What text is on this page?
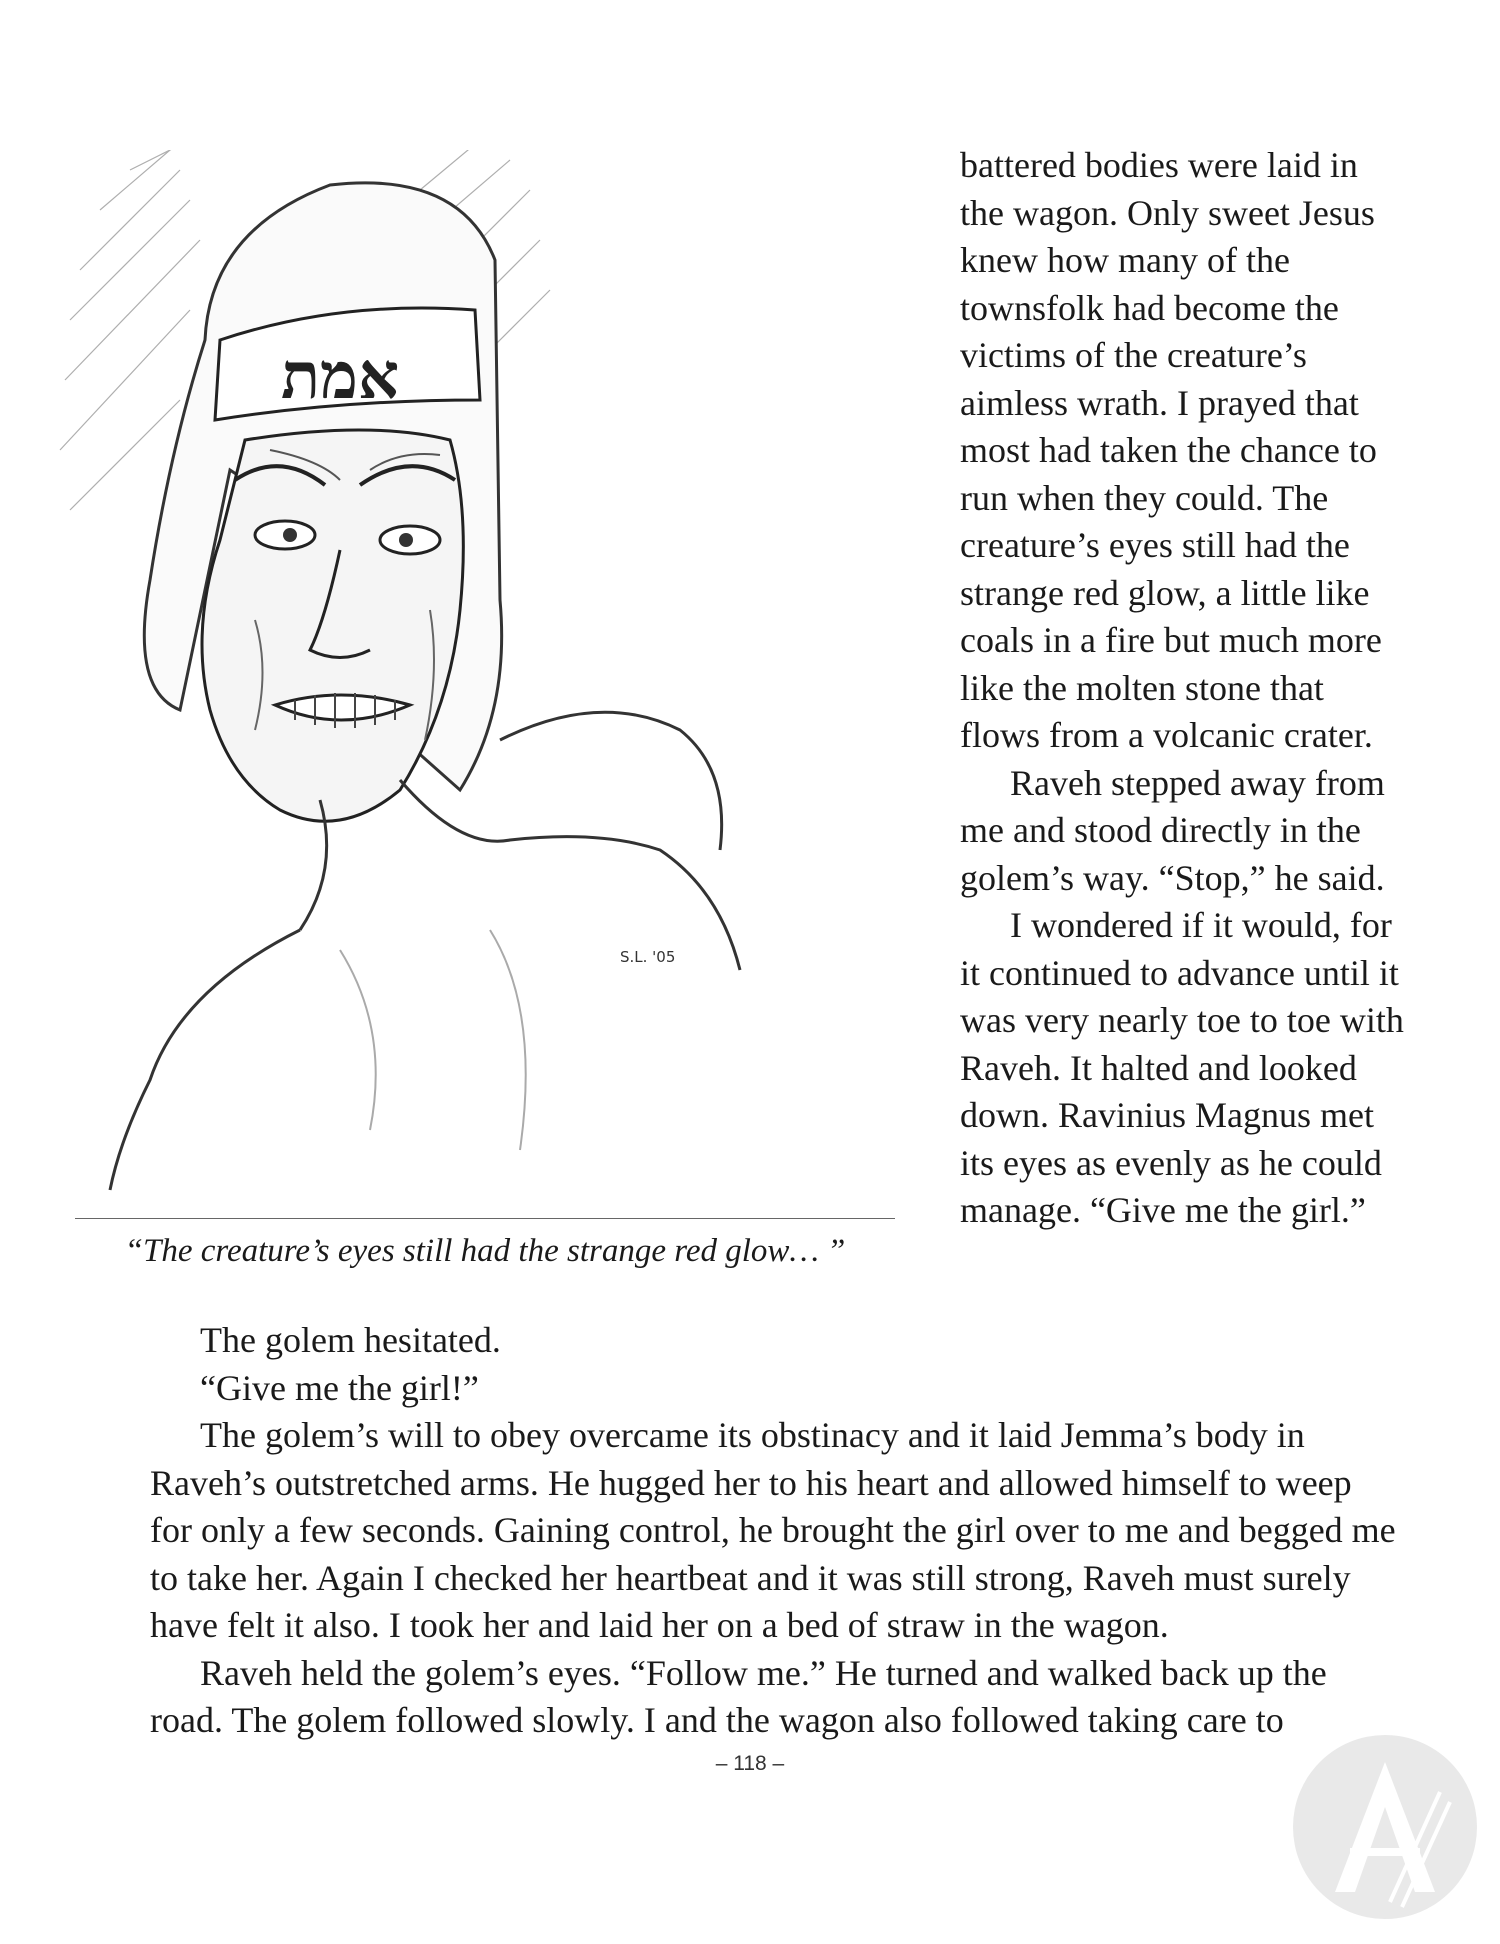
אמת
S.L. '05
“The creature’s eyes still had the strange red glow… ”

battered bodies were laid in the wagon. Only sweet Jesus knew how many of the townsfolk had become the victims of the creature’s aimless wrath. I prayed that most had taken the chance to run when they could. The creature’s eyes still had the strange red glow, a little like coals in a fire but much more like the molten stone that flows from a volcanic crater.

Raveh stepped away from me and stood directly in the golem’s way. “Stop,” he said.

I wondered if it would, for it continued to advance until it was very nearly toe to toe with Raveh. It halted and looked down. Ravinius Magnus met its eyes as evenly as he could manage. “Give me the girl.”

The golem hesitated.

“Give me the girl!”

The golem’s will to obey overcame its obstinacy and it laid Jemma’s body in Raveh’s outstretched arms. He hugged her to his heart and allowed himself to weep for only a few seconds. Gaining control, he brought the girl over to me and begged me to take her. Again I checked her heartbeat and it was still strong, Raveh must surely have felt it also. I took her and laid her on a bed of straw in the wagon.

Raveh held the golem’s eyes. “Follow me.” He turned and walked back up the road. The golem followed slowly. I and the wagon also followed taking care to

– 118 –
